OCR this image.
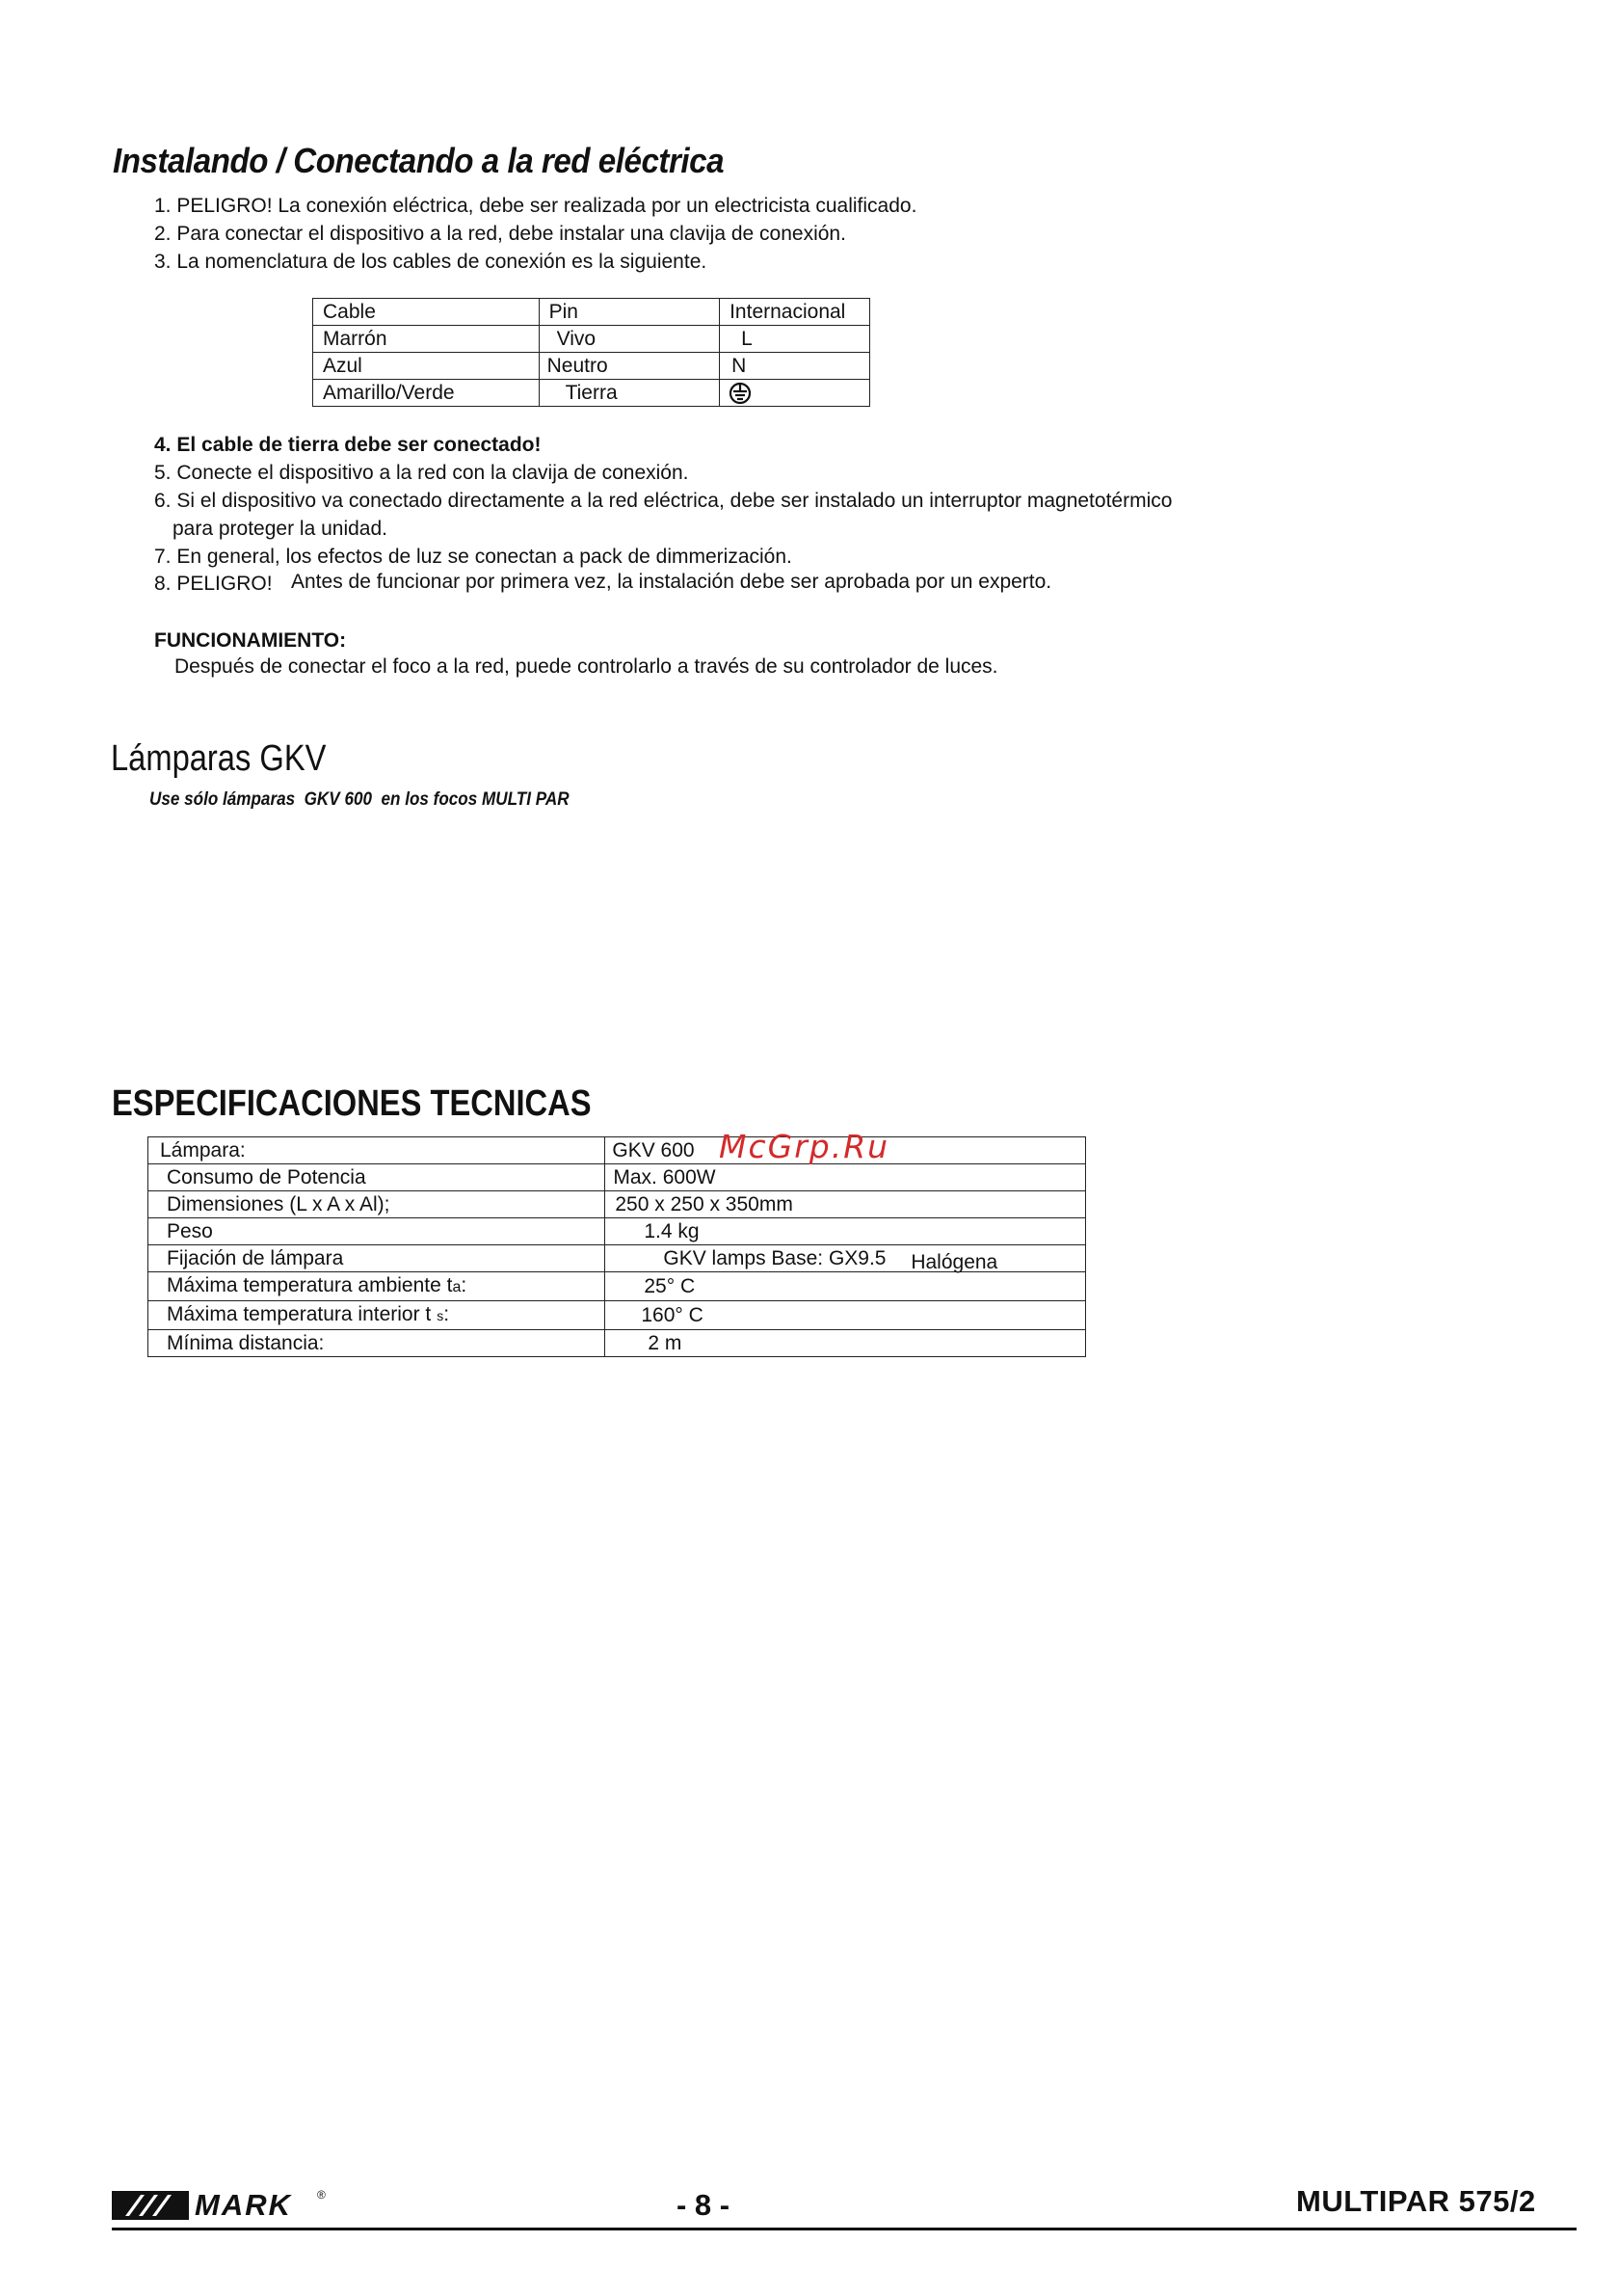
Instalando / Conectando a la red eléctrica
1. PELIGRO! La conexión eléctrica, debe ser realizada por un electricista cualificado.
2. Para conectar el dispositivo a la red, debe instalar una clavija de conexión.
3. La nomenclatura de los cables de conexión es la siguiente.
Cable	Pin	Internacional
Marrón	Vivo	L
Azul	Neutro	N
Amarillo/Verde	Tierra	
4. El cable de tierra debe ser conectado!
5. Conecte el dispositivo a la red con la clavija de conexión.
6. Si el dispositivo va conectado directamente a la red eléctrica, debe ser instalado un interruptor magnetotérmico
para proteger la unidad.
7. En general, los efectos de luz se conectan a pack de dimmerización.
8. PELIGRO! Antes de funcionar por primera vez, la instalación debe ser aprobada por un experto.
FUNCIONAMIENTO:
Después de conectar el foco a la red, puede controlarlo a través de su controlador de luces.
Lámparas GKV
Use sólo lámparas GKV 600 en los focos MULTI PAR
ESPECIFICACIONES TECNICAS
Lámpara:	GKV 600
Consumo de Potencia	Max. 600W
Dimensiones (L x A x Al);	250 x 250 x 350mm
Peso	1.4 kg
Fijación de lámpara	GKV lamps Base: GX9.5 Halógena
Máxima temperatura ambiente ta:	25° C
Máxima temperatura interior t s:	160° C
Mínima distancia:	2 m
McGrp.Ru
MARK ®	- 8 -	MULTIPAR 575/2
